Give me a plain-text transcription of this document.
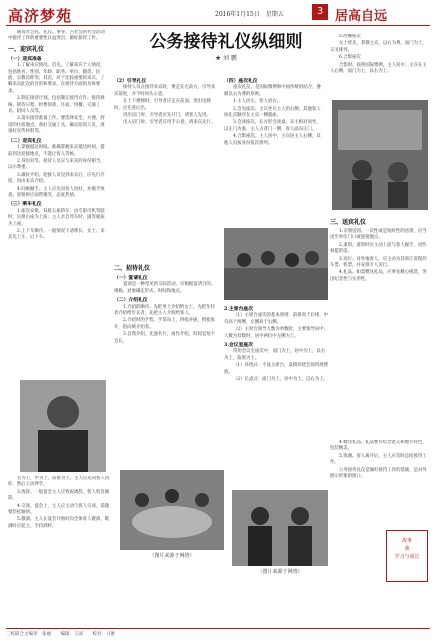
高济梦苑	2016年1月15日　星期五	3 居高自远
公务接待礼仪纵细则
★ 刘 鹏

随着社会礼、礼仪、事业、古社会的社会活动中接待工作的重要性日益突出，做好接待工作。

一、迎宾礼仪
（一）迎宾准备

1.了解来宾情况。首先，了解来宾个人情况，包括姓名、性别、年龄、职务、单位、籍贯、民族、宗教信仰等；其次，对于比较重要的来宾，了解来宾此次的目的和要求，在接待方面的具体要求。

2.制定接待计划。包括制定接待方针、接待规格、接待日程、经费预算、住宿、用餐、交通工具、陪同人员等。

3.落实接待准备工作。要选择安全、方便、舒适的住宿地点，备好交通工具，确定陪同人员，准备好宣传材料等。

（二）迎宾礼仪

1.掌握抵达时间。准确掌握来宾抵达时间，提前到达迎接地点，不能让客人等候。

2.身份对等。接待人员应与来宾的身份相当，以示尊重。

3.做好介绍。迎接人员见到来宾后，应先行介绍，再由来宾介绍。

4.问候握手。主人应先向客人问好，并握手致意。迎接时应面带微笑，态度热情。

（三）乘车礼仪

1.座次安排。双排五座轿车，由专职司机驾驶时，后排右座为上座；主人亲自驾车时，副驾驶座为上座。

2.上下车顺序。一般情况下请尊长、女士、来宾先上车，后下车。

（2）引导礼仪

接待人员在接待来宾时，要走在左前方，引导来宾前进，并不时回头示意。

在上下楼梯时，引导者应走在前面；进出电梯时，应先进后出。

进出房门时，引导者应先开门，请客人先进。

出入房门时，引导者应用手示意，请来宾先行。

（四）座次礼仪

座次礼仪，是国际惯例和中国传统的结合，遵循以右为尊的原则。

1.主人居左。客人居右。

2.会见座次。主宾坐在主人的右侧，其他客人按礼宾顺序在主宾一侧就座。

3.会谈座次。长方形会谈桌，宾主相对而坐，以正门为准，主人占背门一侧，客人面向正门。

4.合影座次。主人居中，主宾居主人右侧，其他人员按身份依次排列。

5.西餐座次

女士优先，恭敬主宾，以右为尊，面门为上，交叉排列。

6.合影座次

合影时，按照国际惯例，主人居中，主宾在主人右侧，面门为上，以右为上。

2.主席台座次

（1）主席台座次的基本原则：前排高于后排，中央高于两侧，左侧高于右侧。

（2）主席台领导人数为单数时，主要领导居中；人数为双数时，居中两位中左侧为上。

3.会议室座次

常用会议室座次中，面门为上，居中为上，以右为上，临窗为上。

（1）环绕式：不设主席台，桌椅环绕会场四周摆放。

（2）长桌式：面门为上，居中为上，以右为上。

三、送宾礼仪

1.亲朋送别。一次性或是短时性的送别，应当送至单位门口或迎接地点。

2.道别。道别时应主动上前与客人握手，说些祝愿的话。

3.送行。对外地客人，应主动为其预订返程的车票、机票，并安排专人送行。

4.礼品。如需赠送礼品，应事先精心挑选，突出纪念性与实用性。

二、招待礼仪
（一）宴请礼仪

宴请是一种常见的交际活动，应根据宴请目的、规格、对象确定形式、时间和地点。

（二）介绍礼仪

1.介绍的顺序。先把男士介绍给女士，先把年轻者介绍给年长者，先把主人介绍给客人。

2.介绍时的手势。手掌向上，四指并拢，拇指张开，指向被介绍者。

3.自我介绍。先递名片，再作介绍，时间宜短不宜长。

右为上，中为上，前排为上。主人应先向客人问好，然后主动伸手。

3.致辞。一般宴会主人应致祝酒辞，客人致答谢辞。

4.交谈。宴会上，主人应主动与客人交谈，话题要轻松愉快。

5.敬酒。主人在宴会开始时向全体客人敬酒，敬酒时应起立，手持酒杯。

4.赠送礼品。礼品要有纪念意义和地方特色，包装精美。

5.致谢。客人离开后，主人应及时总结接待工作。

公务接待礼仪是做好接待工作的基础，是对外展示形象的窗口。

（图片来源于网络）
（图片来源于网络）
故事
我
学习与成长
三校联合主编审：张丽 编辑：王国 校对：马俊
